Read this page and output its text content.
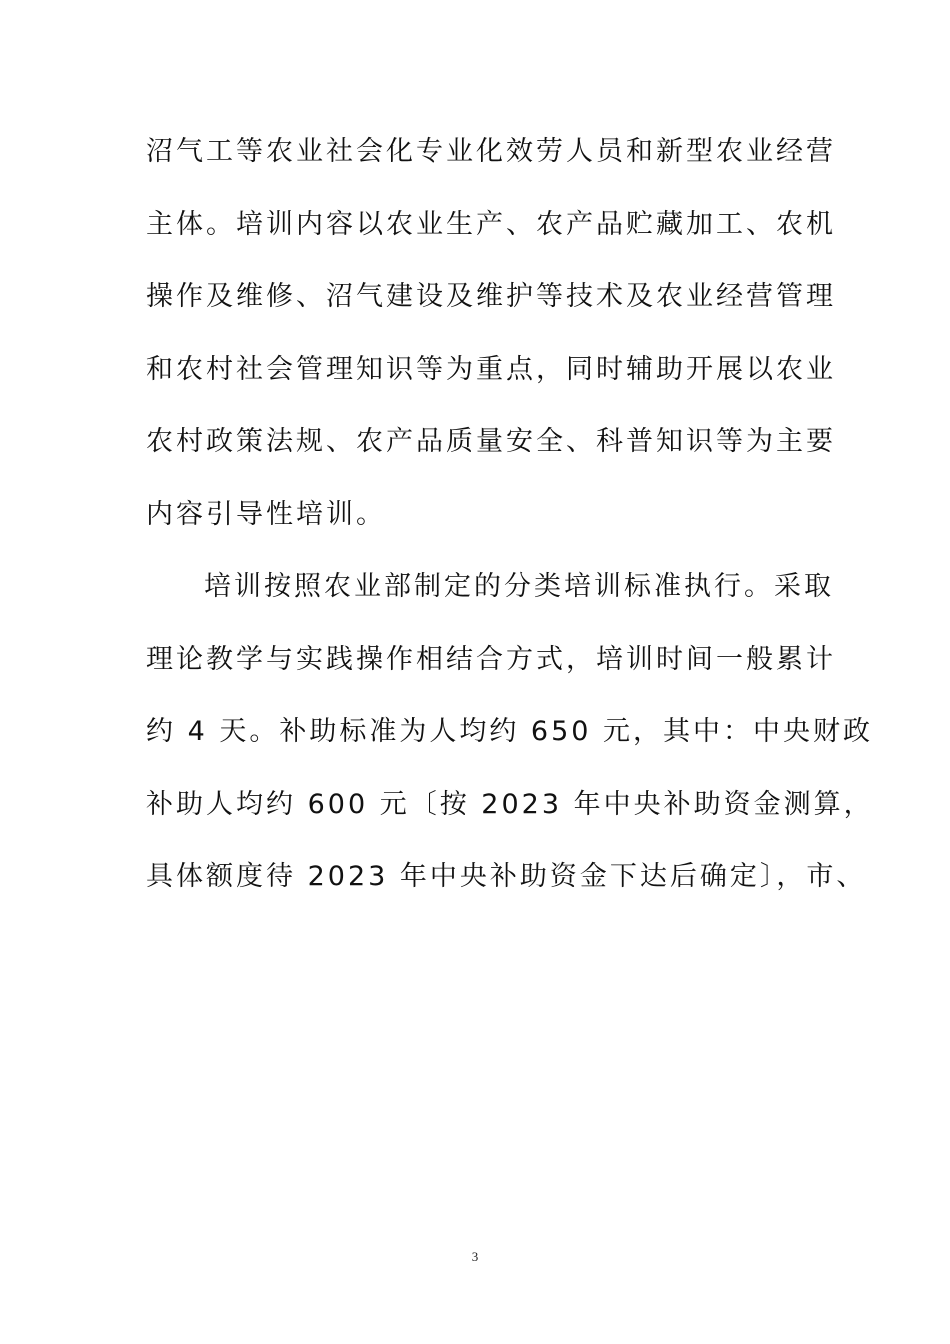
沼气工等农业社会化专业化效劳人员和新型农业经营
主体。培训内容以农业生产、农产品贮藏加工、农机
操作及维修、沼气建设及维护等技术及农业经营管理
和农村社会管理知识等为重点，同时辅助开展以农业
农村政策法规、农产品质量安全、科普知识等为主要
内容引导性培训。
培训按照农业部制定的分类培训标准执行。采取
理论教学与实践操作相结合方式，培训时间一般累计
约 4 天。补助标准为人均约 650 元，其中：中央财政
补助人均约 600 元〔按 2023 年中央补助资金测算，
具体额度待 2023 年中央补助资金下达后确定〕，市、
3
